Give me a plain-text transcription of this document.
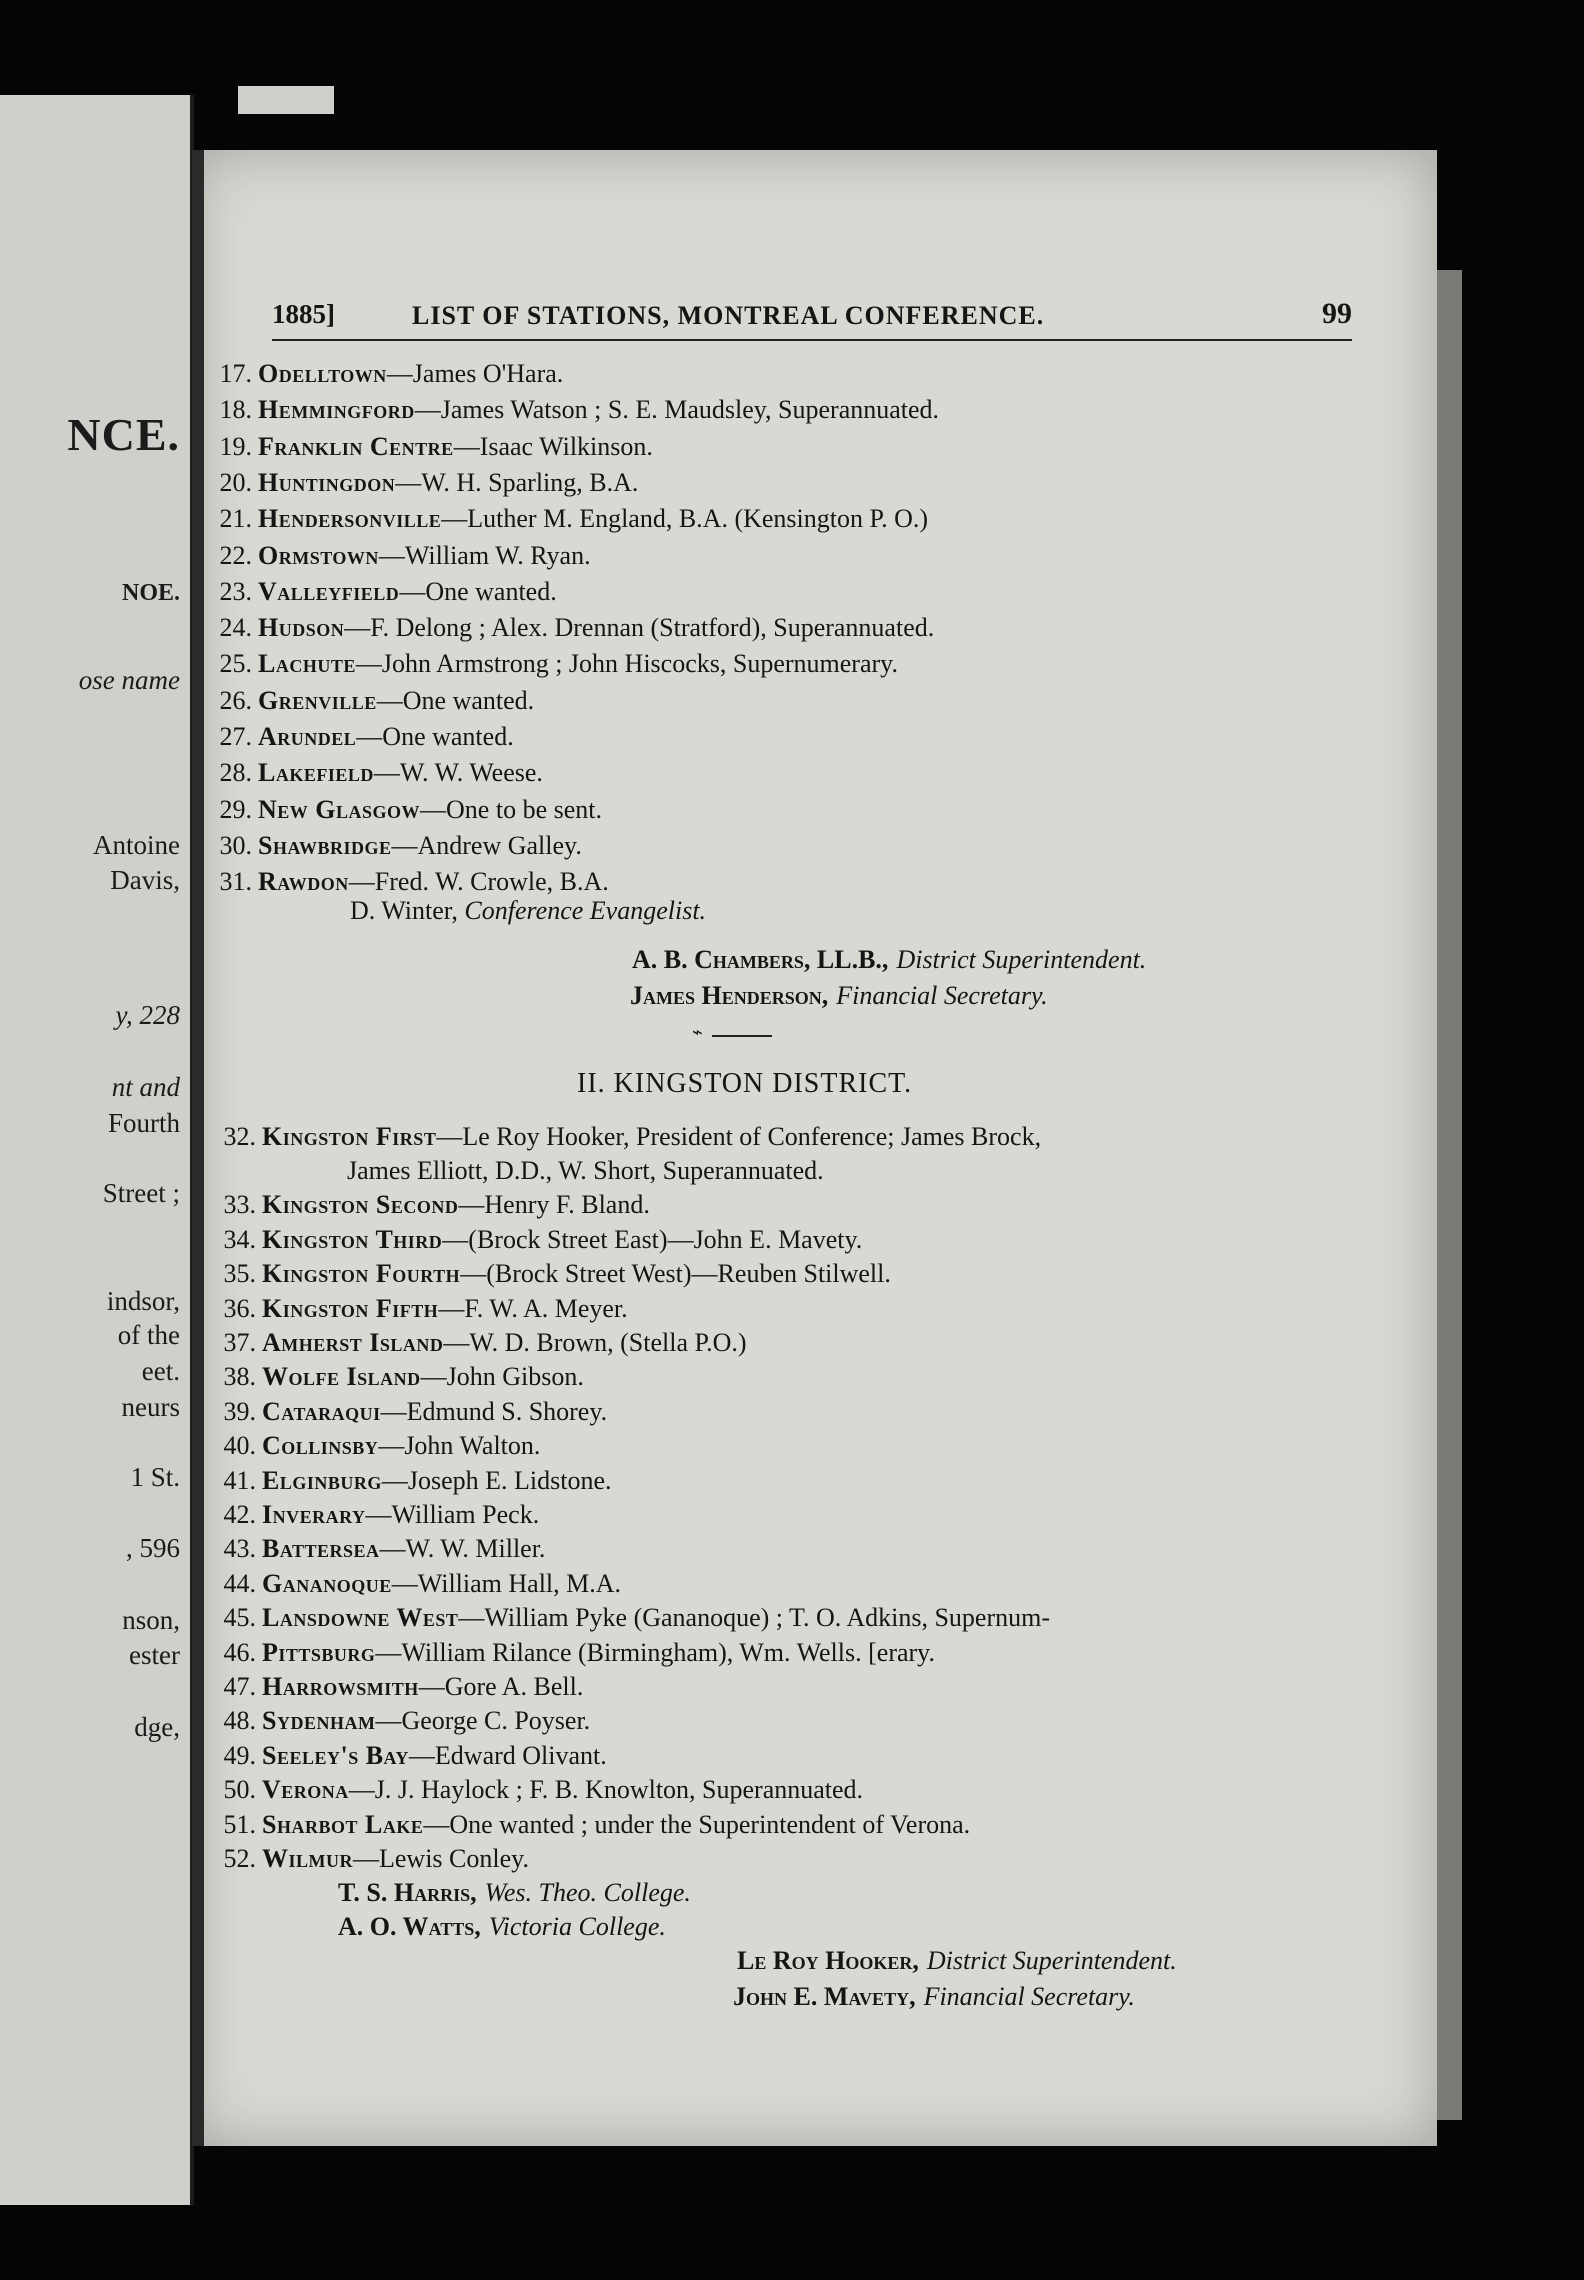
NCE.
NOE.
ose name
Antoine
Davis,
y, 228
nt and
Fourth
Street ;
indsor,
of the
eet.
neurs
1 St.
, 596
nson,
ester
dge,
1885]	LIST OF STATIONS, MONTREAL CONFERENCE.	99
17. Odelltown—James O'Hara.
18. Hemmingford—James Watson ; S. E. Maudsley, Superannuated.
19. Franklin Centre—Isaac Wilkinson.
20. Huntingdon—W. H. Sparling, B.A.
21. Hendersonville—Luther M. England, B.A. (Kensington P. O.)
22. Ormstown—William W. Ryan.
23. Valleyfield—One wanted.
24. Hudson—F. Delong ; Alex. Drennan (Stratford), Superannuated.
25. Lachute—John Armstrong ; John Hiscocks, Supernumerary.
26. Grenville—One wanted.
27. Arundel—One wanted.
28. Lakefield—W. W. Weese.
29. New Glasgow—One to be sent.
30. Shawbridge—Andrew Galley.
31. Rawdon—Fred. W. Crowle, B.A.
D. Winter, Conference Evangelist.
A. B. Chambers, LL.B., District Superintendent.
James Henderson, Financial Secretary.
⌁
II. KINGSTON DISTRICT.
32. Kingston First—Le Roy Hooker, President of Conference; James Brock,
James Elliott, D.D., W. Short, Superannuated.
33. Kingston Second—Henry F. Bland.
34. Kingston Third—(Brock Street East)—John E. Mavety.
35. Kingston Fourth—(Brock Street West)—Reuben Stilwell.
36. Kingston Fifth—F. W. A. Meyer.
37. Amherst Island—W. D. Brown, (Stella P.O.)
38. Wolfe Island—John Gibson.
39. Cataraqui—Edmund S. Shorey.
40. Collinsby—John Walton.
41. Elginburg—Joseph E. Lidstone.
42. Inverary—William Peck.
43. Battersea—W. W. Miller.
44. Gananoque—William Hall, M.A.
45. Lansdowne West—William Pyke (Gananoque) ; T. O. Adkins, Supernum-
46. Pittsburg—William Rilance (Birmingham), Wm. Wells. [erary.
47. Harrowsmith—Gore A. Bell.
48. Sydenham—George C. Poyser.
49. Seeley's Bay—Edward Olivant.
50. Verona—J. J. Haylock ; F. B. Knowlton, Superannuated.
51. Sharbot Lake—One wanted ; under the Superintendent of Verona.
52. Wilmur—Lewis Conley.
T. S. Harris, Wes. Theo. College.
A. O. Watts, Victoria College.
Le Roy Hooker, District Superintendent.
John E. Mavety, Financial Secretary.
